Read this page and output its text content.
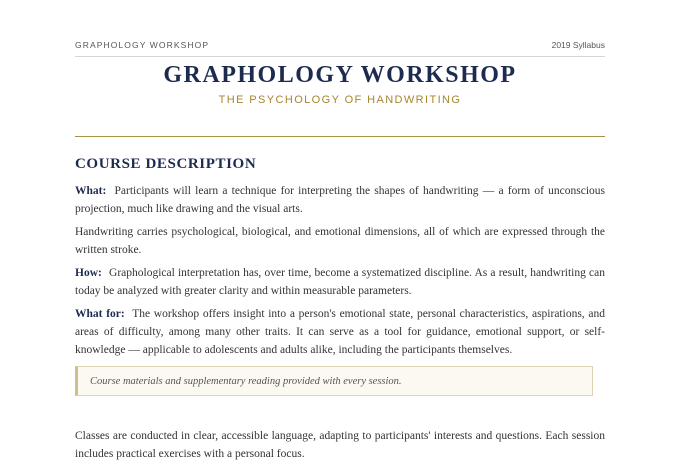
GRAPHOLOGY WORKSHOP	2019 Syllabus
GRAPHOLOGY WORKSHOP
THE PSYCHOLOGY OF HANDWRITING
COURSE DESCRIPTION

What: Participants will learn a technique for interpreting the shapes of handwriting — a form of unconscious projection, much like drawing and the visual arts.

Handwriting carries psychological, biological, and emotional dimensions, all of which are expressed through the written stroke.

How: Graphological interpretation has, over time, become a systematized discipline. As a result, handwriting can today be analyzed with greater clarity and within measurable parameters.

What for: The workshop offers insight into a person's emotional state, personal characteristics, aspirations, and areas of difficulty, among many other traits. It can serve as a tool for guidance, emotional support, or self-knowledge — applicable to adolescents and adults alike, including the participants themselves.

Course materials and supplementary reading provided with every session.

Classes are conducted in clear, accessible language, adapting to participants' interests and questions. Each session includes practical exercises with a personal focus.
